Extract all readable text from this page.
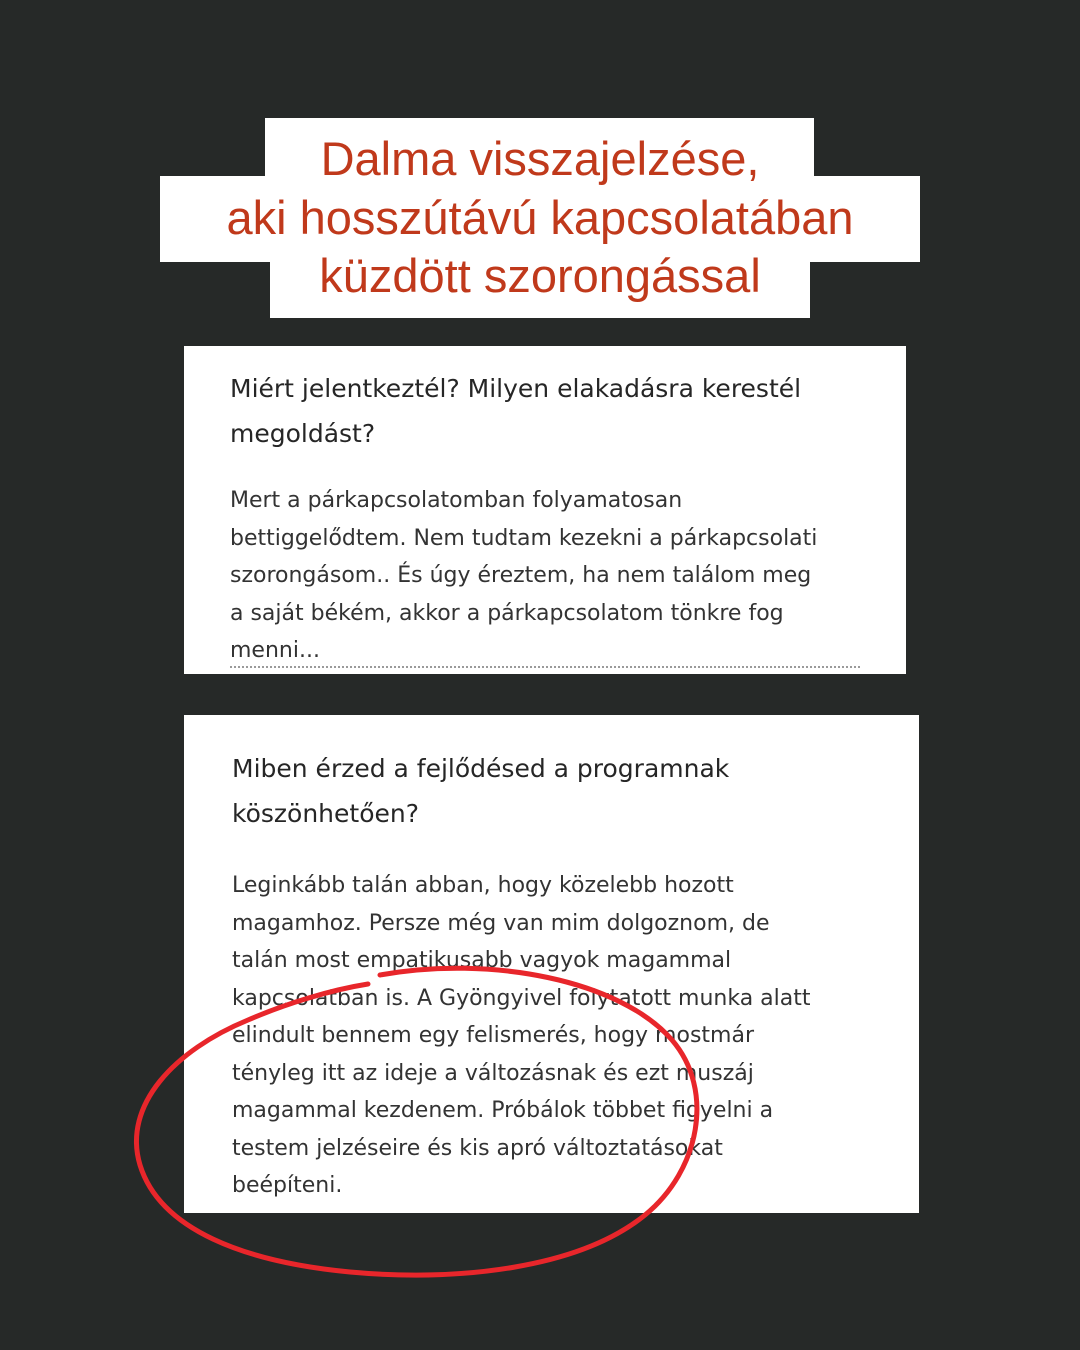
Dalma visszajelzése,
aki hosszútávú kapcsolatában
küzdött szorongással
Miért jelentkeztél? Milyen elakadásra kerestél
megoldást?
Mert a párkapcsolatomban folyamatosan
bettiggelődtem. Nem tudtam kezekni a párkapcsolati
szorongásom.. És úgy éreztem, ha nem találom meg
a saját békém, akkor a párkapcsolatom tönkre fog
menni...
Miben érzed a fejlődésed a programnak
köszönhetően?
Leginkább talán abban, hogy közelebb hozott
magamhoz. Persze még van mim dolgoznom, de
talán most empatikusabb vagyok magammal
kapcsolatban is. A Gyöngyivel folytatott munka alatt
elindult bennem egy felismerés, hogy mostmár
tényleg itt az ideje a változásnak és ezt muszáj
magammal kezdenem. Próbálok többet figyelni a
testem jelzéseire és kis apró változtatásokat
beépíteni.
